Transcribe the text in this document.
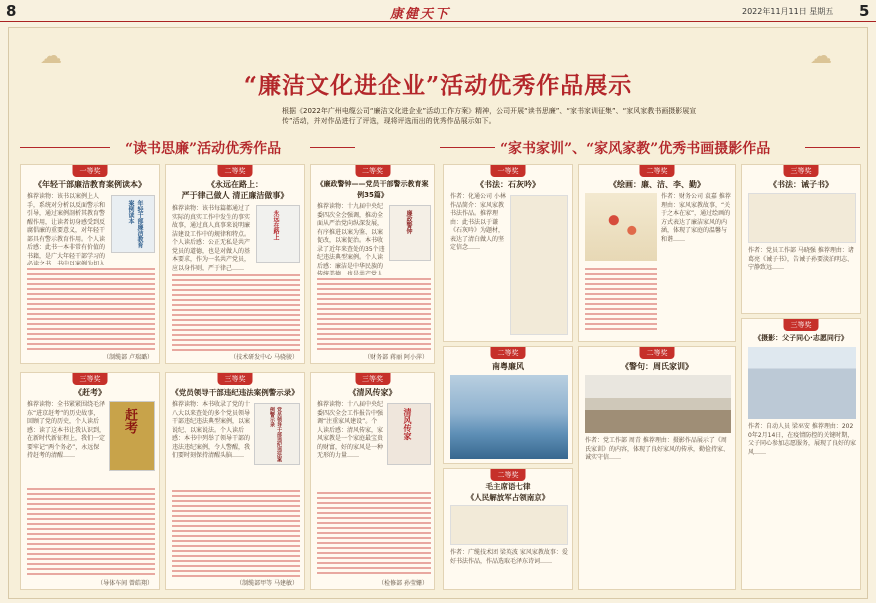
8	康健天下	2022年11月11日 星期五 5
☁	☁
“廉洁文化进企业”活动优秀作品展示
根据《2022年广州电缆公司“廉洁文化进企业”活动工作方案》精神，公司开展“读书思廉”、“家书家训征集”、“家风家教书画摄影展宣传”活动，并对作品进行了评选，现将评选而出的优秀作品展示如下。
“读书思廉”活动优秀作品	“家书家训”、“家风家教”优秀书画摄影作品
一等奖
《年轻干部廉洁教育案例读本》
推荐读物：该书以案例上人手，系统对分析以反面警示和引导，通过案例剖析其教育警醒作用，让读者切身感受到反腐倡廉的重要意义，对年轻干部具有警示教育作用。个人读后感：此书一本非常有价值的书籍，是广大年轻干部学习的
年轻干部廉洁教育案例读本
（制缆部 卢瑞璐）
二等奖
《永远在路上：
严于律己做人 清正廉洁做事》
推荐读物：该书每篇都通过了实际的真实工作中发生的事实故事，通过真人真事来说明廉洁建设工作中的规律和特点。个人读后感：公正无私是共产党员的道德，也是对做人的基本要求，作为一名共产党员，应以身作则，严于律己……
永远在路上
（技术研发中心 马骁骏）
二等奖
《廉政警钟——党员干部警示教育案例35篇》
推荐读物：十九届中央纪委四次全会强调，推动全面从严治党向纵深发展，有序推进以案为鉴、以案促改，以案促治。本书收录了近年来查处的35个违纪违法典型案例。个人读后感：廉洁是中华民族的
廉政警钟
（财务部 蒋丽 阿小萍）
三等奖
《赶考》
推荐读物：全书紧紧围绕毛泽东“进京赶考”的历史故事，回顾了党的历史，个人读后感：读了这本书让我认识到，在新时代新征程上，我们一定要牢记“两个务必”，永远保持赶考的清醒……
赶考
（导体车间 曾皓翔）
三等奖
《党员领导干部违纪违法案例警示录》
推荐读物：本书收录了党的十八大以来查处的多个党员领导干部违纪违法典型案例，以案说纪、以案说法。个人读后感：本书中列举了领导干部的违法违纪案例，令人警醒，我们要时刻保持清醒头脑……	党员领导干部违纪违法案例警示录
（制缆部甲等 马建敏）
三等奖
《清风传家》
推荐读物：十八届中央纪委四次全会工作报告中强调“注重家风建设”。个人读后感：清风传家，家风家教是一个家庭最宝贵的财富，好的家风是一种无形的力量……
清风传家
（检修部 孙莹姗）
一等奖
《书法：石灰吟》
作者：化通公司 小林 作品简介：家风家教书法作品。推荐理由：此书法以于谦《石灰吟》为题材，表达了清白做人的坚定信念……
二等奖
《绘画：廉、洁、李、勤》
作者：财务公司 袁嘉 推荐理由：家风家教故事，“关于之本在家”，通过绘画的方式表达了廉洁家风的内涵，体现了家庭的温馨与和谐……
三等奖
《书法：诫子书》
作者：党员工作部 马晓强 推荐理由：诸葛亮《诫子书》，告诫子孙要淡泊明志、宁静致远……
二等奖
南粤廉风
二等奖
毛主席语七律
《人民解放军占领南京》
作者：广缆技术团 梁英波 家风家教故事：爱好书法作品，作品选取毛泽东诗词……
二等奖
《警句：周氏家训》
作者：党工作部 周青 推荐理由：摄影作品展示了《周氏家训》的内容，体现了良好家风的传承，勤俭持家、诚实守信……
三等奖
《摄影：父子同心·志愿同行》
作者：自动人员 梁巫安 推荐理由：2020年2月14日，在疫情防控的关键时期，父子同心参加志愿服务，展现了良好的家风……
